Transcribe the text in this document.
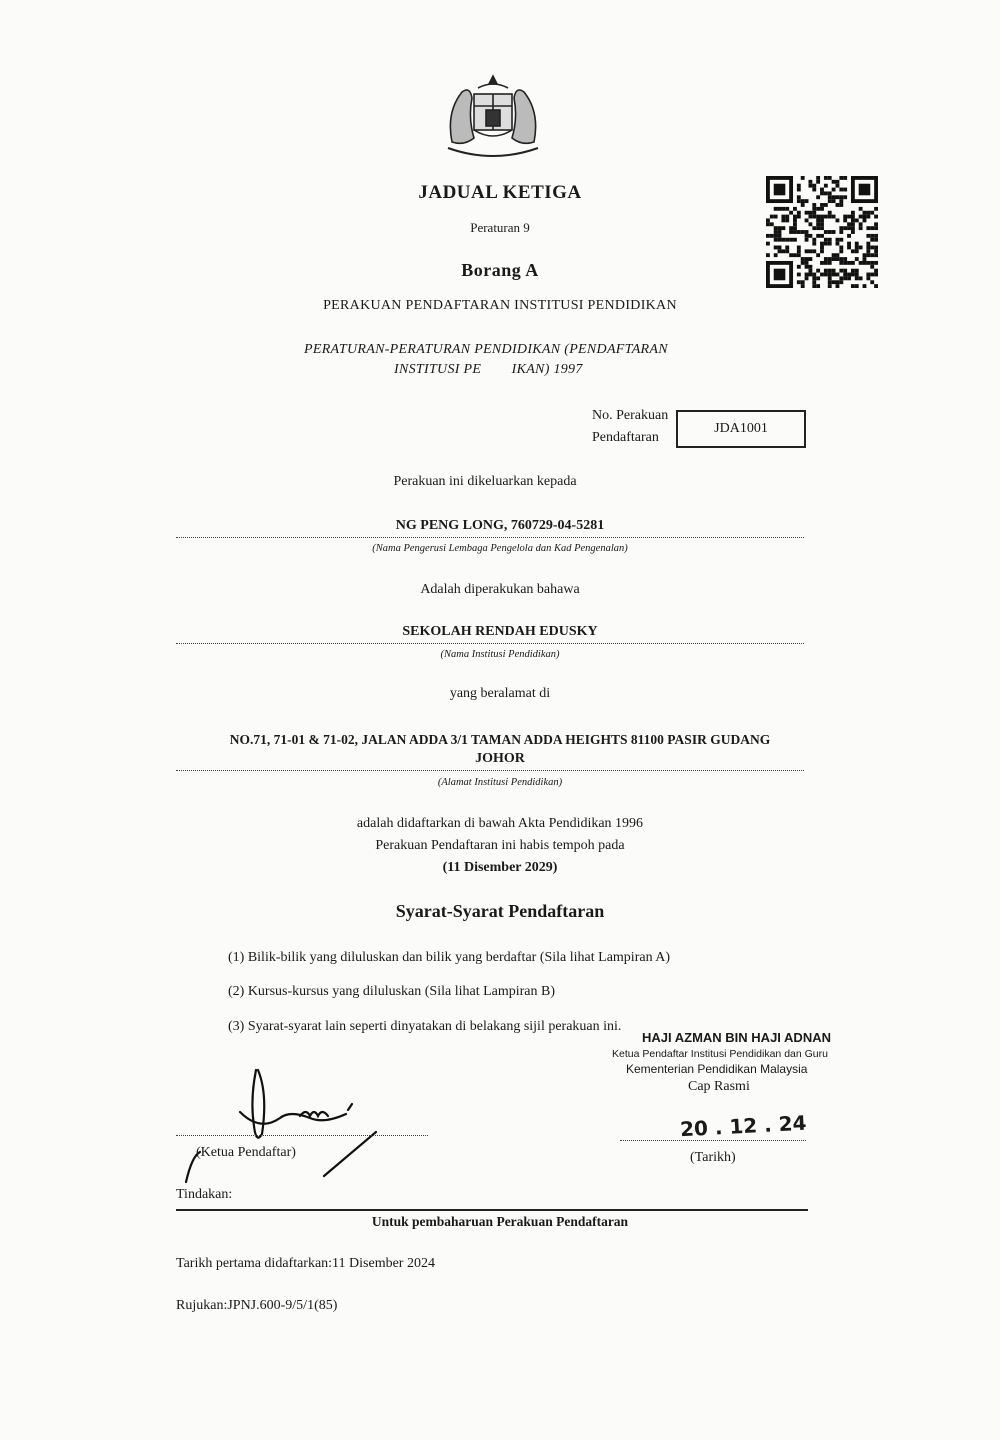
JADUAL KETIGA
Peraturan 9
Borang A
PERAKUAN PENDAFTARAN INSTITUSI PENDIDIKAN
PERATURAN-PERATURAN PENDIDIKAN (PENDAFTARAN
INSTITUSI PE        IKAN) 1997
No. Perakuan
Pendaftaran
JDA1001
Perakuan ini dikeluarkan kepada
NG PENG LONG, 760729-04-5281
(Nama Pengerusi Lembaga Pengelola dan Kad Pengenalan)
Adalah diperakukan bahawa
SEKOLAH RENDAH EDUSKY
(Nama Institusi Pendidikan)
yang beralamat di
NO.71, 71-01 & 71-02, JALAN ADDA 3/1 TAMAN ADDA HEIGHTS 81100 PASIR GUDANG
JOHOR
(Alamat Institusi Pendidikan)
adalah didaftarkan di bawah Akta Pendidikan 1996
Perakuan Pendaftaran ini habis tempoh pada
(11 Disember 2029)
Syarat-Syarat Pendaftaran
(1) Bilik-bilik yang diluluskan dan bilik yang berdaftar (Sila lihat Lampiran A)
(2) Kursus-kursus yang diluluskan (Sila lihat Lampiran B)
(3) Syarat-syarat lain seperti dinyatakan di belakang sijil perakuan ini.
HAJI AZMAN BIN HAJI ADNAN
Ketua Pendaftar Institusi Pendidikan dan Guru
Kementerian Pendidikan Malaysia
Cap Rasmi
(Ketua Pendaftar)
20 . 12 . 24
(Tarikh)
Tindakan:
Untuk pembaharuan Perakuan Pendaftaran
Tarikh pertama didaftarkan:11 Disember 2024
Rujukan:JPNJ.600-9/5/1(85)
